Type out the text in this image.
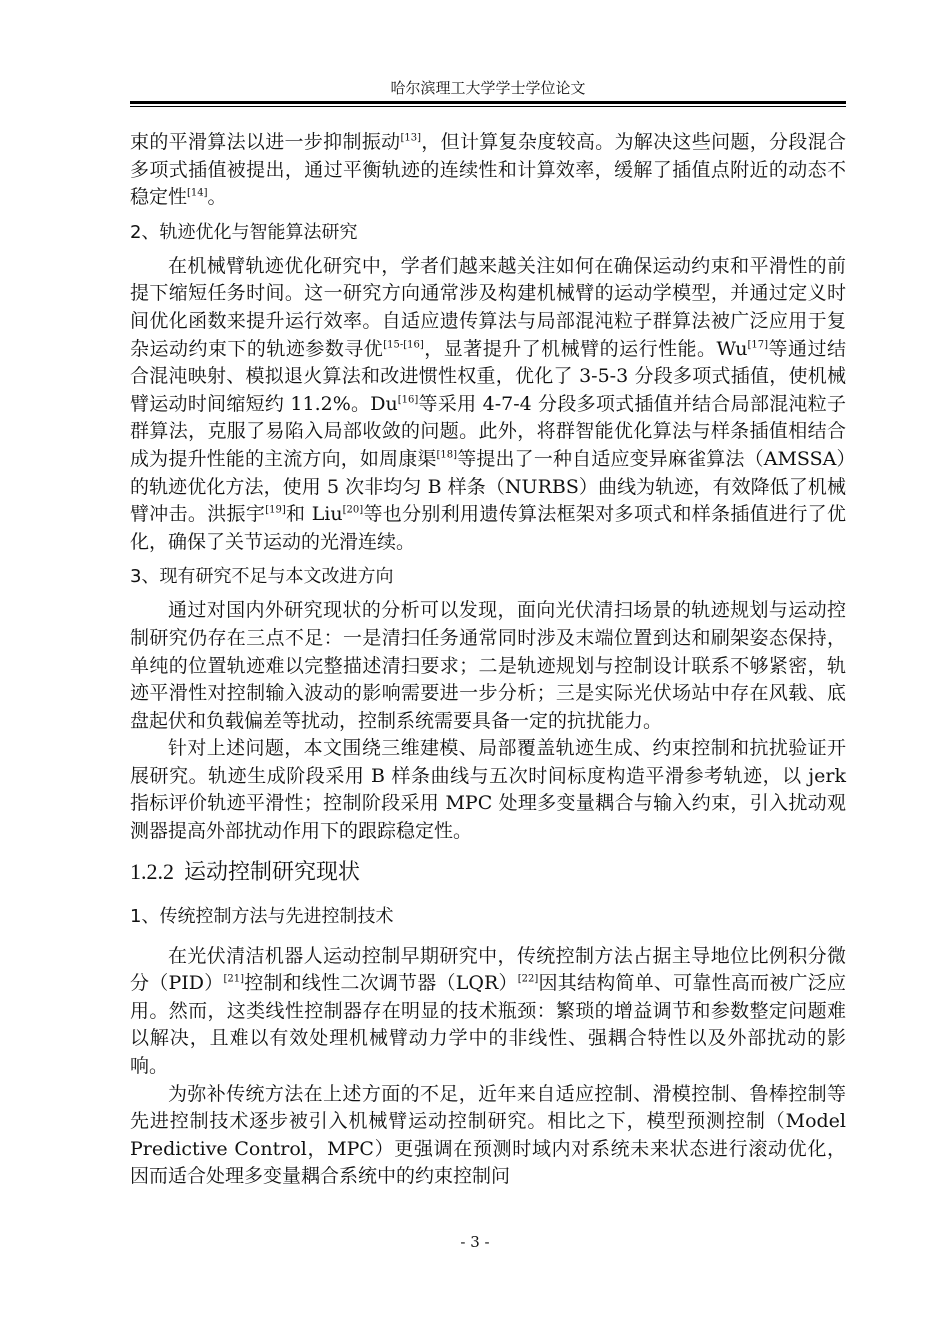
哈尔滨理工大学学士学位论文

束的平滑算法以进一步抑制振动[13]，但计算复杂度较高。为解决这些问题，分段混合多项式插值被提出，通过平衡轨迹的连续性和计算效率，缓解了插值点附近的动态不稳定性[14]。

2、轨迹优化与智能算法研究

在机械臂轨迹优化研究中，学者们越来越关注如何在确保运动约束和平滑性的前提下缩短任务时间。这一研究方向通常涉及构建机械臂的运动学模型，并通过定义时间优化函数来提升运行效率。自适应遗传算法与局部混沌粒子群算法被广泛应用于复杂运动约束下的轨迹参数寻优[15-[16]，显著提升了机械臂的运行性能。Wu[17]等通过结合混沌映射、模拟退火算法和改进惯性权重，优化了 3-5-3 分段多项式插值，使机械臂运动时间缩短约 11.2%。Du[16]等采用 4-7-4 分段多项式插值并结合局部混沌粒子群算法，克服了易陷入局部收敛的问题。此外，将群智能优化算法与样条插值相结合成为提升性能的主流方向，如周康渠[18]等提出了一种自适应变异麻雀算法（AMSSA）的轨迹优化方法，使用 5 次非均匀 B 样条（NURBS）曲线为轨迹，有效降低了机械臂冲击。洪振宇[19]和 Liu[20]等也分别利用遗传算法框架对多项式和样条插值进行了优化，确保了关节运动的光滑连续。

3、现有研究不足与本文改进方向

通过对国内外研究现状的分析可以发现，面向光伏清扫场景的轨迹规划与运动控制研究仍存在三点不足：一是清扫任务通常同时涉及末端位置到达和刷架姿态保持，单纯的位置轨迹难以完整描述清扫要求；二是轨迹规划与控制设计联系不够紧密，轨迹平滑性对控制输入波动的影响需要进一步分析；三是实际光伏场站中存在风载、底盘起伏和负载偏差等扰动，控制系统需要具备一定的抗扰能力。

针对上述问题，本文围绕三维建模、局部覆盖轨迹生成、约束控制和抗扰验证开展研究。轨迹生成阶段采用 B 样条曲线与五次时间标度构造平滑参考轨迹，以 jerk 指标评价轨迹平滑性；控制阶段采用 MPC 处理多变量耦合与输入约束，引入扰动观测器提高外部扰动作用下的跟踪稳定性。

1.2.2 运动控制研究现状
1、传统控制方法与先进控制技术

在光伏清洁机器人运动控制早期研究中，传统控制方法占据主导地位比例积分微分（PID）[21]控制和线性二次调节器（LQR）[22]因其结构简单、可靠性高而被广泛应用。然而，这类线性控制器存在明显的技术瓶颈：繁琐的增益调节和参数整定问题难以解决，且难以有效处理机械臂动力学中的非线性、强耦合特性以及外部扰动的影响。

为弥补传统方法在上述方面的不足，近年来自适应控制、滑模控制、鲁棒控制等先进控制技术逐步被引入机械臂运动控制研究。相比之下，模型预测控制（Model Predictive Control，MPC）更强调在预测时域内对系统未来状态进行滚动优化，因而适合处理多变量耦合系统中的约束控制问

- 3 -
